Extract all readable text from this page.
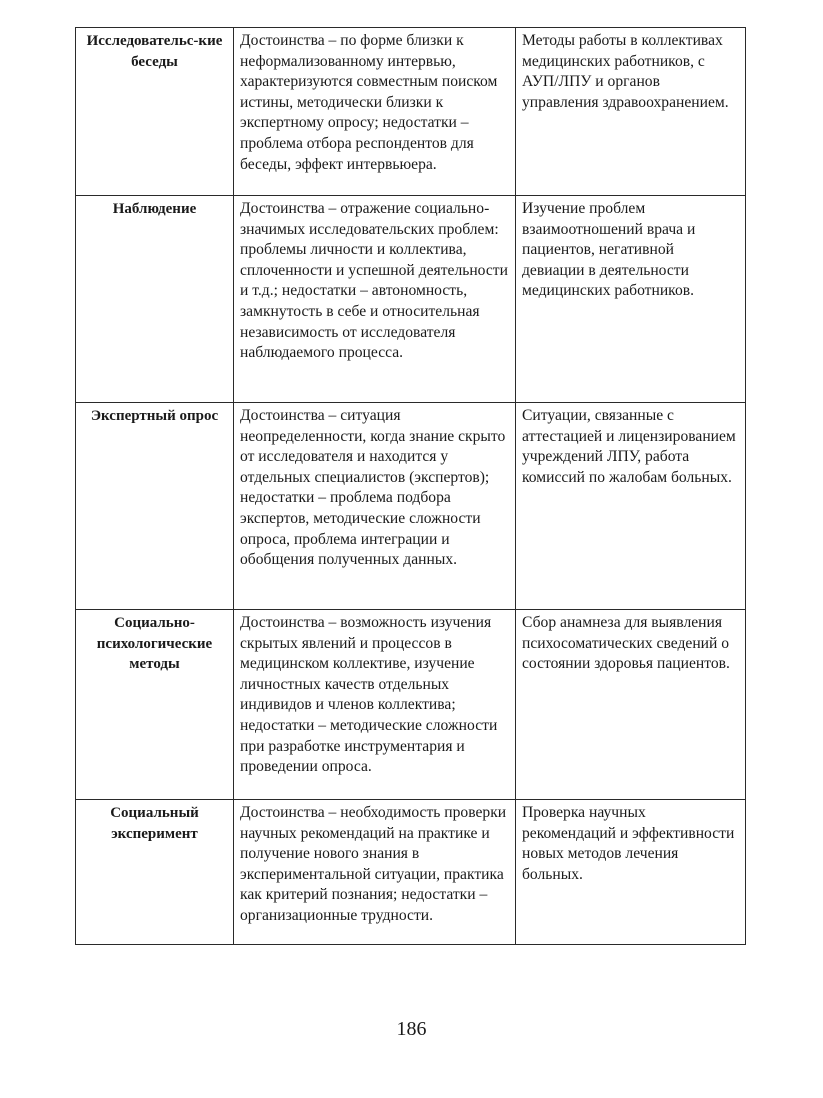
Исследовательс-кие беседы	Достоинства – по форме близки к неформализованному интервью, характеризуются совместным поиском истины, методически близки к экспертному опросу; недостатки – проблема отбора респондентов для беседы, эффект интервьюера.	Методы работы в коллективах медицинских работников, с АУП/ЛПУ и органов управления здравоохранением.
Наблюдение	Достоинства – отражение социально- значимых исследовательских проблем: проблемы личности и коллектива, сплоченности и успешной деятельности и т.д.; недостатки – автономность, замкнутость в себе и относительная независимость от исследователя наблюдаемого процесса.	Изучение проблем взаимоотношений врача и пациентов, негативной девиации в деятельности медицинских работников.
Экспертный опрос	Достоинства – ситуация неопределенности, когда знание скрыто от исследователя и находится у отдельных специалистов (экспертов); недостатки – проблема подбора экспертов, методические сложности опроса, проблема интеграции и обобщения полученных данных.	Ситуации, связанные с аттестацией и лицензированием учреждений ЛПУ, работа комиссий по жалобам больных.
Социально-психологические методы	Достоинства – возможность изучения скрытых явлений и процессов в медицинском коллективе, изучение личностных качеств отдельных индивидов и членов коллектива; недостатки – методические сложности при разработке инструментария и проведении опроса.	Сбор анамнеза для выявления психосоматических сведений о состоянии здоровья пациентов.
Социальный эксперимент	Достоинства – необходимость проверки научных рекомендаций на практике и получение нового знания в экспериментальной ситуации, практика как критерий познания; недостатки – организационные трудности.	Проверка научных рекомендаций и эффективности новых методов лечения больных.
186
